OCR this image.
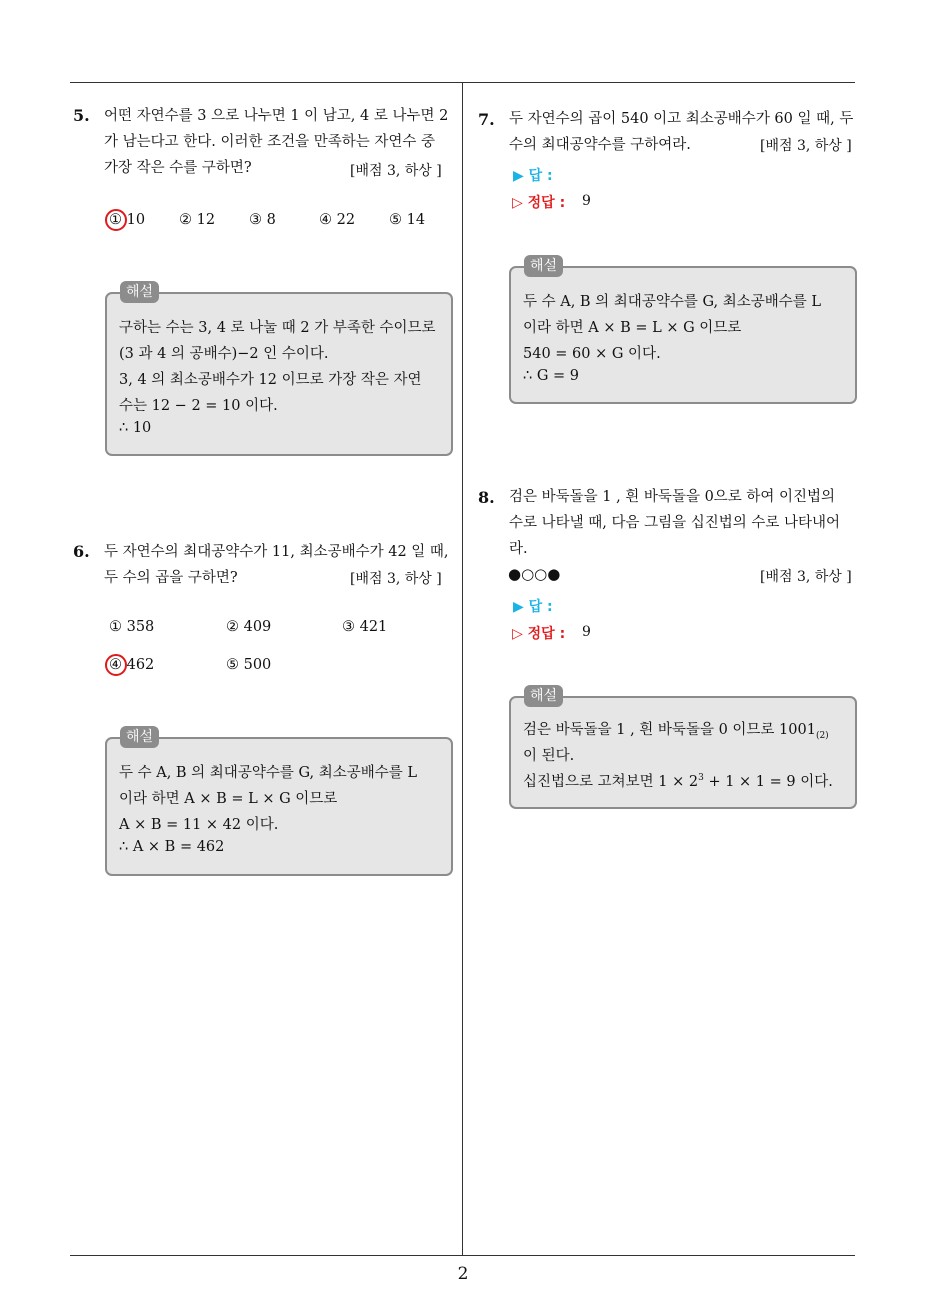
5. 어떤 자연수를 3 으로 나누면 1 이 남고, 4 로 나누면 2
가 남는다고 한다. 이러한 조건을 만족하는 자연수 중
가장 작은 수를 구하면?	[배점 3, 하상 ]
① 10 ② 12 ③ 8	④ 22 ⑤ 14
구하는 수는 3, 4 로 나눌 때 2 가 부족한 수이므로
(3 과 4 의 공배수)−2 인 수이다.
3, 4 의 최소공배수가 12 이므로 가장 작은 자연
수는 12 − 2 = 10 이다.
∴ 10
해설
6. 두 자연수의 최대공약수가 11, 최소공배수가 42 일 때,
두 수의 곱을 구하면?	[배점 3, 하상 ]
① 358	② 409	③ 421
④ 462	⑤ 500
두 수 A, B 의 최대공약수를 G, 최소공배수를 L
이라 하면 A × B = L × G 이므로
A × B = 11 × 42 이다.
∴ A × B = 462
해설
7. 두 자연수의 곱이 540 이고 최소공배수가 60 일 때, 두
수의 최대공약수를 구하여라.	[배점 3, 하상 ]
▶ 답 :
▷ 정답 : 9
두 수 A, B 의 최대공약수를 G, 최소공배수를 L
이라 하면 A × B = L × G 이므로
540 = 60 × G 이다.
∴ G = 9
해설
8. 검은 바둑돌을 1 , 흰 바둑돌을 0으로 하여 이진법의
수로 나타낼 때, 다음 그림을 십진법의 수로 나타내어
라.
●○○●	[배점 3, 하상 ]
▶ 답 :
▷ 정답 : 9
검은 바둑돌을 1 , 흰 바둑돌을 0 이므로 $1001_{(2)}$
이 된다.
십진법으로 고쳐보면 $1 \times 2^3 + 1 \times 1 = 9$ 이다.
해설
2
